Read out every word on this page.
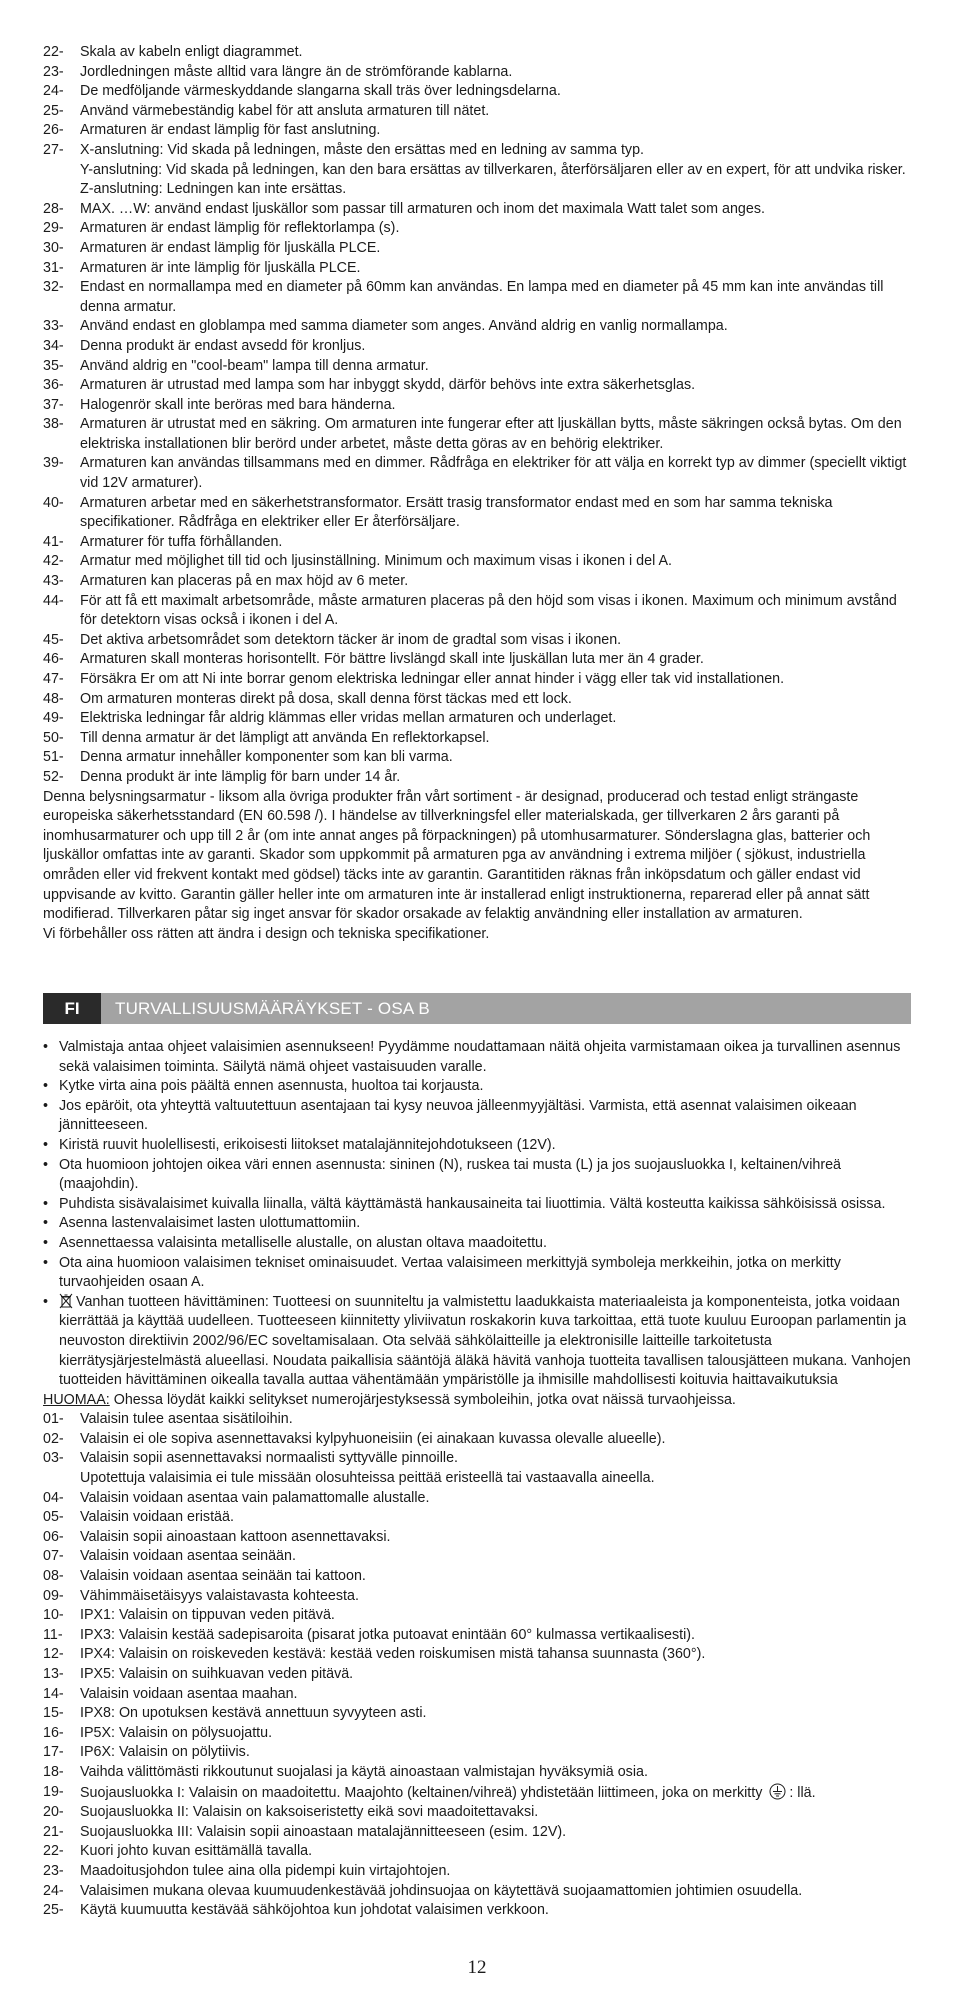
22-	Skala av kabeln enligt diagrammet.
23-	Jordledningen måste alltid vara längre än de strömförande kablarna.
24-	De medföljande värmeskyddande slangarna skall träs över ledningsdelarna.
25-	Använd värmebeständig kabel för att ansluta armaturen till nätet.
26-	Armaturen är endast lämplig för fast anslutning.
27-	X-anslutning: Vid skada på ledningen, måste den ersättas med en ledning av samma typ.
Y-anslutning: Vid skada på ledningen, kan den bara ersättas av tillverkaren, återförsäljaren eller av en expert, för att undvika risker.
Z-anslutning: Ledningen kan inte ersättas.
28-	MAX. …W: använd endast ljuskällor som passar till armaturen och inom det maximala Watt talet som anges.
29-	Armaturen är endast lämplig för reflektorlampa (s).
30-	Armaturen är endast lämplig för ljuskälla PLCE.
31-	Armaturen är inte lämplig för ljuskälla PLCE.
32-	Endast en normallampa med en diameter på 60mm kan användas. En lampa med en diameter på 45 mm kan inte användas till denna armatur.
33-	Använd endast en globlampa med samma diameter som anges. Använd aldrig en vanlig normallampa.
34-	Denna produkt är endast avsedd för kronljus.
35-	Använd aldrig en "cool-beam" lampa till denna armatur.
36-	Armaturen är utrustad med lampa som har inbyggt skydd, därför behövs inte extra säkerhetsglas.
37-	Halogenrör skall inte beröras med bara händerna.
38-	Armaturen är utrustat med en säkring. Om armaturen inte fungerar efter att ljuskällan bytts, måste säkringen också bytas. Om den elektriska installationen blir berörd under arbetet, måste detta göras av en behörig elektriker.
39-	Armaturen kan användas tillsammans med en dimmer. Rådfråga en elektriker för att välja en korrekt typ av dimmer (speciellt viktigt vid 12V armaturer).
40-	Armaturen arbetar med en säkerhetstransformator. Ersätt trasig transformator endast med en som har samma tekniska specifikationer. Rådfråga en elektriker eller Er återförsäljare.
41-	Armaturer för tuffa förhållanden.
42-	Armatur med möjlighet till tid och ljusinställning. Minimum och maximum visas i ikonen i del A.
43-	Armaturen kan placeras på en max höjd av 6 meter.
44-	För att få ett maximalt arbetsområde, måste armaturen placeras på den höjd som visas i ikonen. Maximum och minimum avstånd för detektorn visas också i ikonen i del A.
45-	Det aktiva arbetsområdet som detektorn täcker är inom de gradtal som visas i ikonen.
46-	Armaturen skall monteras horisontellt. För bättre livslängd skall inte ljuskällan luta mer än 4 grader.
47-	Försäkra Er om att Ni inte borrar genom elektriska ledningar eller annat hinder i vägg eller tak vid installationen.
48-	Om armaturen monteras direkt på dosa, skall denna först täckas med ett lock.
49-	Elektriska ledningar får aldrig klämmas eller vridas mellan armaturen och underlaget.
50-	Till denna armatur är det lämpligt att använda En reflektorkapsel.
51-	Denna armatur innehåller komponenter som kan bli varma.
52-	Denna produkt är inte lämplig för barn under 14 år.

Denna belysningsarmatur - liksom alla övriga produkter från vårt sortiment - är designad, producerad och testad enligt strängaste europeiska säkerhetsstandard (EN 60.598 /). I händelse av tillverkningsfel eller materialskada, ger tillverkaren 2 års garanti på inomhusarmaturer och upp till 2 år (om inte annat anges på förpackningen) på utomhusarmaturer. Sönderslagna glas, batterier och ljuskällor omfattas inte av garanti. Skador som uppkommit på armaturen pga av användning i extrema miljöer ( sjökust, industriella områden eller vid frekvent kontakt med gödsel) täcks inte av garantin. Garantitiden räknas från inköpsdatum och gäller endast vid uppvisande av kvitto. Garantin gäller heller inte om armaturen inte är installerad enligt instruktionerna, reparerad eller på annat sätt modifierad. Tillverkaren påtar sig inget ansvar för skador orsakade av felaktig användning eller installation av armaturen.

Vi förbehåller oss rätten att ändra i design och tekniska specifikationer.

FI	TURVALLISUUSMÄÄRÄYKSET - OSA B
• Valmistaja antaa ohjeet valaisimien asennukseen! Pyydämme noudattamaan näitä ohjeita varmistamaan oikea ja turvallinen asennus sekä valaisimen toiminta. Säilytä nämä ohjeet vastaisuuden varalle.
• Kytke virta aina pois päältä ennen asennusta, huoltoa tai korjausta.
• Jos epäröit, ota yhteyttä valtuutettuun asentajaan tai kysy neuvoa jälleenmyyjältäsi. Varmista, että asennat valaisimen oikeaan jännitteeseen.
• Kiristä ruuvit huolellisesti, erikoisesti liitokset matalajännitejohdotukseen (12V).
• Ota huomioon johtojen oikea väri ennen asennusta: sininen (N), ruskea tai musta (L) ja jos suojausluokka I, keltainen/vihreä (maajohdin).
• Puhdista sisävalaisimet kuivalla liinalla, vältä käyttämästä hankausaineita tai liuottimia. Vältä kosteutta kaikissa sähköisissä osissa.
• Asenna lastenvalaisimet lasten ulottumattomiin.
• Asennettaessa valaisinta metalliselle alustalle, on alustan oltava maadoitettu.
• Ota aina huomioon valaisimen tekniset ominaisuudet. Vertaa valaisimeen merkittyjä symboleja merkkeihin, jotka on merkitty turvaohjeiden osaan A.
•	Vanhan tuotteen hävittäminen: Tuotteesi on suunniteltu ja valmistettu laadukkaista materiaaleista ja komponenteista, jotka voidaan kierrättää ja käyttää uudelleen. Tuotteeseen kiinnitetty yliviivatun roskakorin kuva tarkoittaa, että tuote kuuluu Euroopan parlamentin ja neuvoston direktiivin 2002/96/EC soveltamisalaan. Ota selvää sähkölaitteille ja elektronisille laitteille tarkoitetusta kierrätysjärjestelmästä alueellasi. Noudata paikallisia sääntöjä äläkä hävitä vanhoja tuotteita tavallisen talousjätteen mukana. Vanhojen tuotteiden hävittäminen oikealla tavalla auttaa vähentämään ympäristölle ja ihmisille mahdollisesti koituvia haittavaikutuksia
HUOMAA: Ohessa löydät kaikki selitykset numerojärjestyksessä symboleihin, jotka ovat näissä turvaohjeissa.
01-	Valaisin tulee asentaa sisätiloihin.
02-	Valaisin ei ole sopiva asennettavaksi kylpyhuoneisiin (ei ainakaan kuvassa olevalle alueelle).
03-	Valaisin sopii asennettavaksi normaalisti syttyvälle pinnoille.
Upotettuja valaisimia ei tule missään olosuhteissa peittää eristeellä tai vastaavalla aineella.
04-	Valaisin voidaan asentaa vain palamattomalle alustalle.
05-	Valaisin voidaan eristää.
06-	Valaisin sopii ainoastaan kattoon asennettavaksi.
07-	Valaisin voidaan asentaa seinään.
08-	Valaisin voidaan asentaa seinään tai kattoon.
09-	Vähimmäisetäisyys valaistavasta kohteesta.
10-	IPX1: Valaisin on tippuvan veden pitävä.
11-	IPX3: Valaisin kestää sadepisaroita (pisarat jotka putoavat enintään 60° kulmassa vertikaalisesti).
12-	IPX4: Valaisin on roiskeveden kestävä: kestää veden roiskumisen mistä tahansa suunnasta (360°).
13-	IPX5: Valaisin on suihkuavan veden pitävä.
14-	Valaisin voidaan asentaa maahan.
15-	IPX8: On upotuksen kestävä annettuun syvyyteen asti.
16-	IP5X: Valaisin on pölysuojattu.
17-	IP6X: Valaisin on pölytiivis.
18-	Vaihda välittömästi rikkoutunut suojalasi ja käytä ainoastaan valmistajan hyväksymiä osia.
19-	Suojausluokka I: Valaisin on maadoitettu. Maajohto (keltainen/vihreä) yhdistetään liittimeen, joka on merkitty : llä.
20-	Suojausluokka II: Valaisin on kaksoiseristetty eikä sovi maadoitettavaksi.
21-	Suojausluokka III: Valaisin sopii ainoastaan matalajännitteeseen (esim. 12V).
22-	Kuori johto kuvan esittämällä tavalla.
23-	Maadoitusjohdon tulee aina olla pidempi kuin virtajohtojen.
24-	Valaisimen mukana olevaa kuumuudenkestävää johdinsuojaa on käytettävä suojaamattomien johtimien osuudella.
25-	Käytä kuumuutta kestävää sähköjohtoa kun johdotat valaisimen verkkoon.
12
